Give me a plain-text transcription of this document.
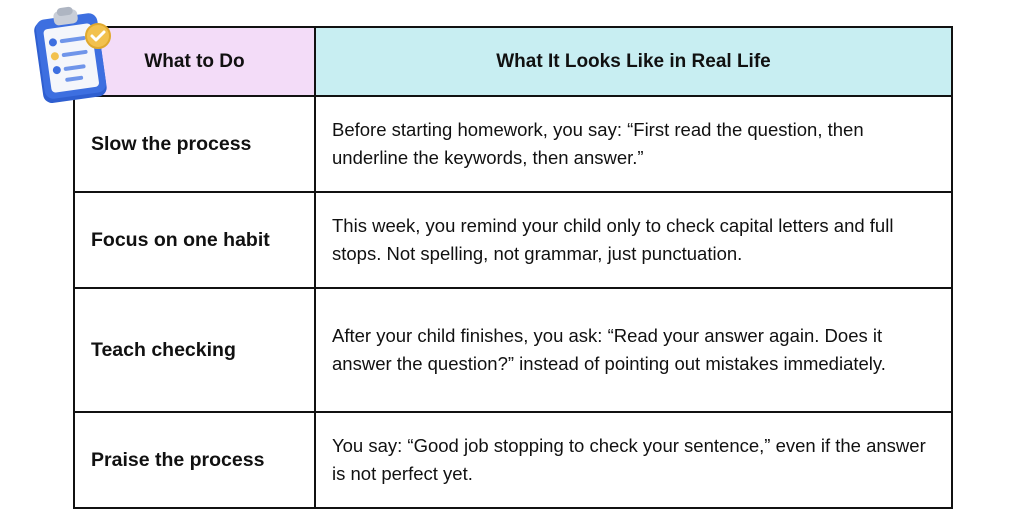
What to Do	What It Looks Like in Real Life
Slow the process	Before starting homework, you say: “First read the question, then underline the keywords, then answer.”
Focus on one habit	This week, you remind your child only to check capital letters and full stops. Not spelling, not grammar, just punctuation.
Teach checking	After your child finishes, you ask: “Read your answer again. Does it answer the question?” instead of pointing out mistakes immediately.
Praise the process	You say: “Good job stopping to check your sentence,” even if the answer is not perfect yet.
